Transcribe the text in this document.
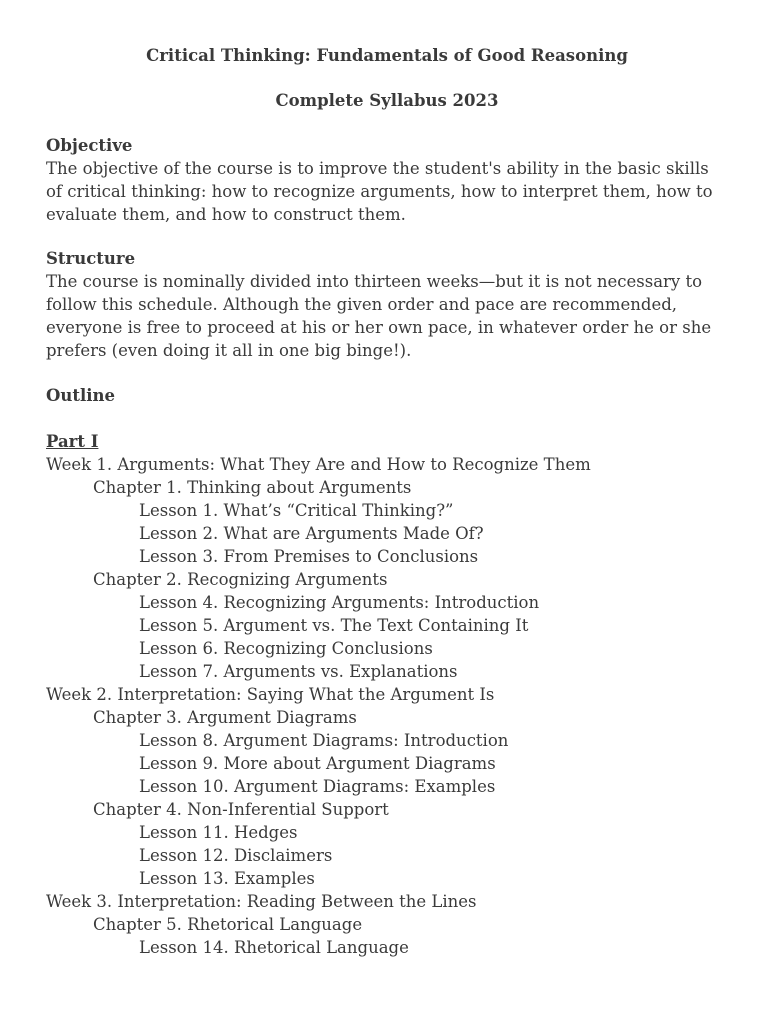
Critical Thinking: Fundamentals of Good Reasoning
Complete Syllabus 2023
Objective

The objective of the course is to improve the student's ability in the basic skills of critical thinking: how to recognize arguments, how to interpret them, how to evaluate them, and how to construct them.

Structure

The course is nominally divided into thirteen weeks—but it is not necessary to follow this schedule. Although the given order and pace are recommended, everyone is free to proceed at his or her own pace, in whatever order he or she prefers (even doing it all in one big binge!).

Outline
Part I
Week 1. Arguments: What They Are and How to Recognize Them
Chapter 1. Thinking about Arguments
Lesson 1. What’s “Critical Thinking?”
Lesson 2. What are Arguments Made Of?
Lesson 3. From Premises to Conclusions
Chapter 2. Recognizing Arguments
Lesson 4. Recognizing Arguments: Introduction
Lesson 5. Argument vs. The Text Containing It
Lesson 6. Recognizing Conclusions
Lesson 7. Arguments vs. Explanations
Week 2. Interpretation: Saying What the Argument Is
Chapter 3. Argument Diagrams
Lesson 8. Argument Diagrams: Introduction
Lesson 9. More about Argument Diagrams
Lesson 10. Argument Diagrams: Examples
Chapter 4. Non-Inferential Support
Lesson 11. Hedges
Lesson 12. Disclaimers
Lesson 13. Examples
Week 3. Interpretation: Reading Between the Lines
Chapter 5. Rhetorical Language
Lesson 14. Rhetorical Language
